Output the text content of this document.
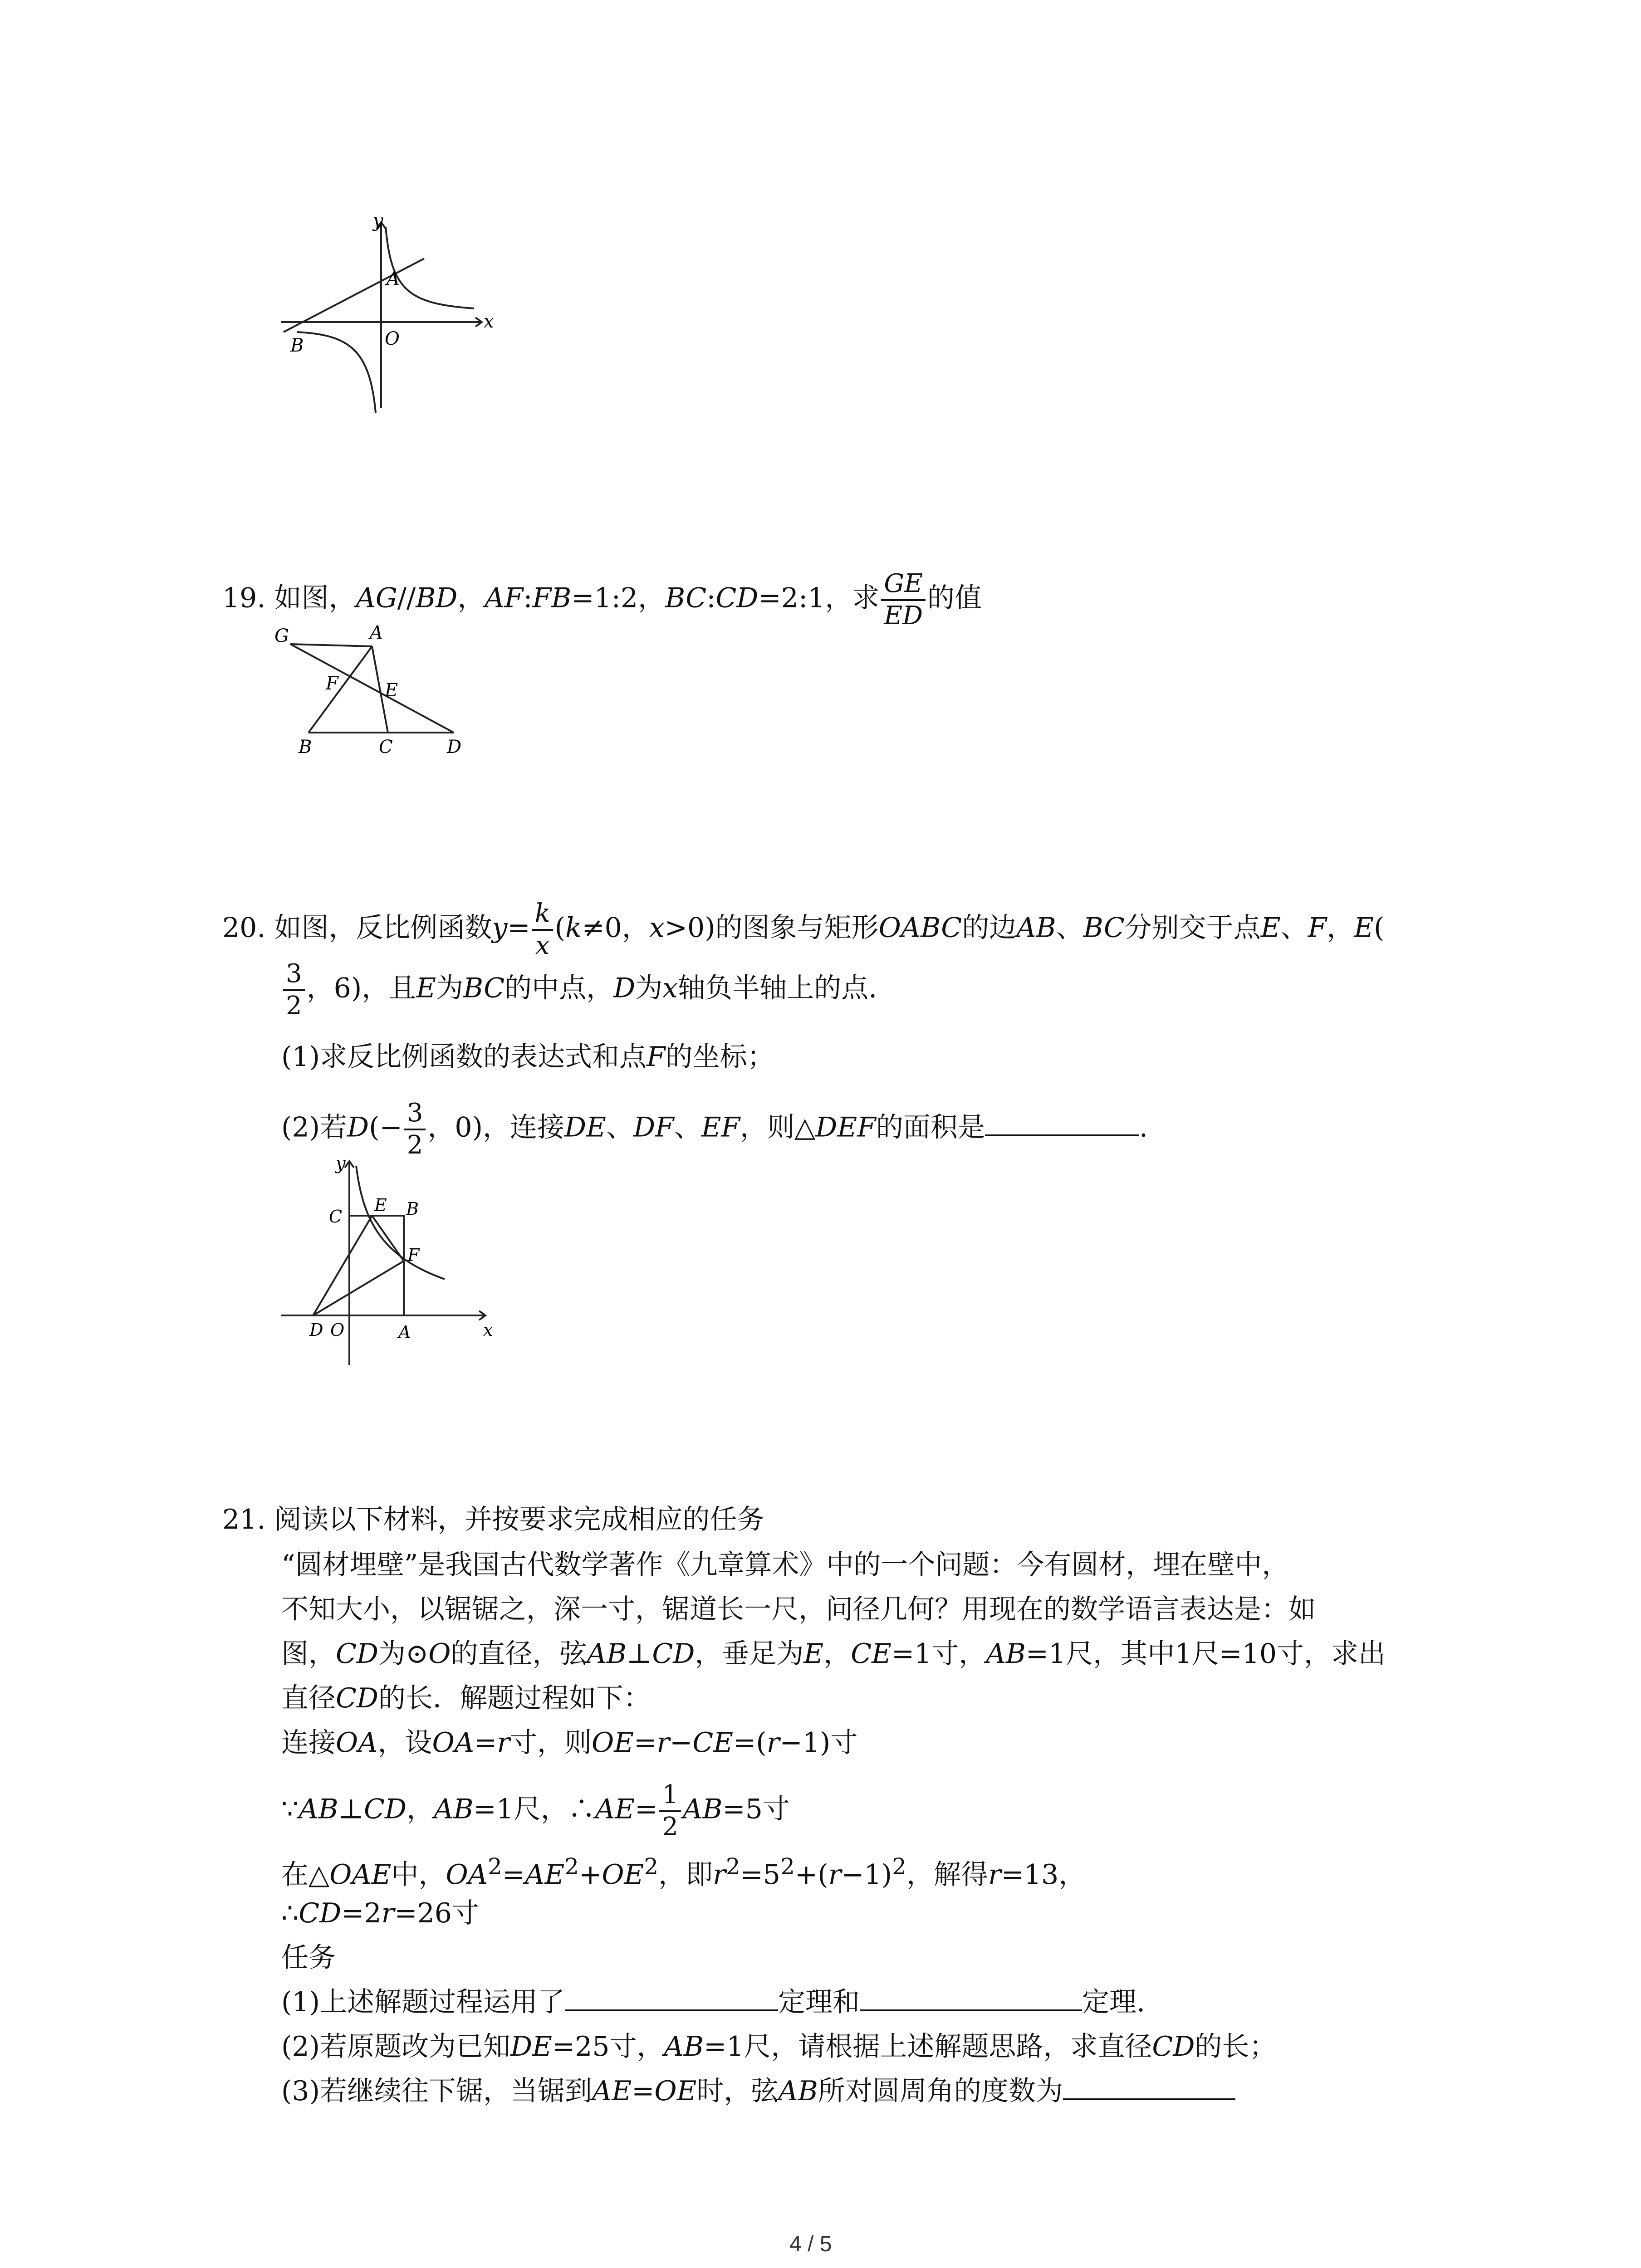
y
A
O
x
B
19. 如图，AG//BD，AF:FB=1:2，BC:CD=2:1，求 $\frac{GE}{ED}$ 的值
G	A
F	E
B	C	D
20. 如图，反比例函数$y= \frac{k}{x} (k\ne 0$，x>0)的图象与矩形OABC的边AB、BC分别交于点E、F，E(
$\frac{3}{2}$ ，6)，且E为BC的中点，D为x轴负半轴上的点.
(1)求反比例函数的表达式和点F的坐标；
(2)若$D(- \frac{3}{2}$ ，0)，连接DE、DF、EF，则△DEF的面积是	.
y
E B
C
F
D O	A	x
21. 阅读以下材料，并按要求完成相应的任务
“圆材埋壁”是我国古代数学著作《九章算术》中的一个问题：今有圆材，埋在壁中，
不知大小，以锯锯之，深一寸，锯道长一尺，问径几何？用现在的数学语言表达是：如
图，CD为⊙O的直径，弦AB⊥CD，垂足为E，CE=1寸，AB=1尺，其中1尺=10寸，求出
直径CD的长．解题过程如下：
连接OA，设OA=r寸，则OE=r−CE=(r−1)寸
∵AB⊥CD，AB=1尺，∴AE= $\frac{1}{2} AB=5$寸
在△OAE中，$OA^2=AE^2+OE^2$，即$r^2=5^2+(r-1)^2$，解得r=13，
∴CD=2r=26寸
任务
(1)上述解题过程运用了	定理和	定理.
(2)若原题改为已知DE=25寸，AB=1尺，请根据上述解题思路，求直径CD的长；
(3)若继续往下锯，当锯到AE=OE时，弦AB所对圆周角的度数为
4 / 5
